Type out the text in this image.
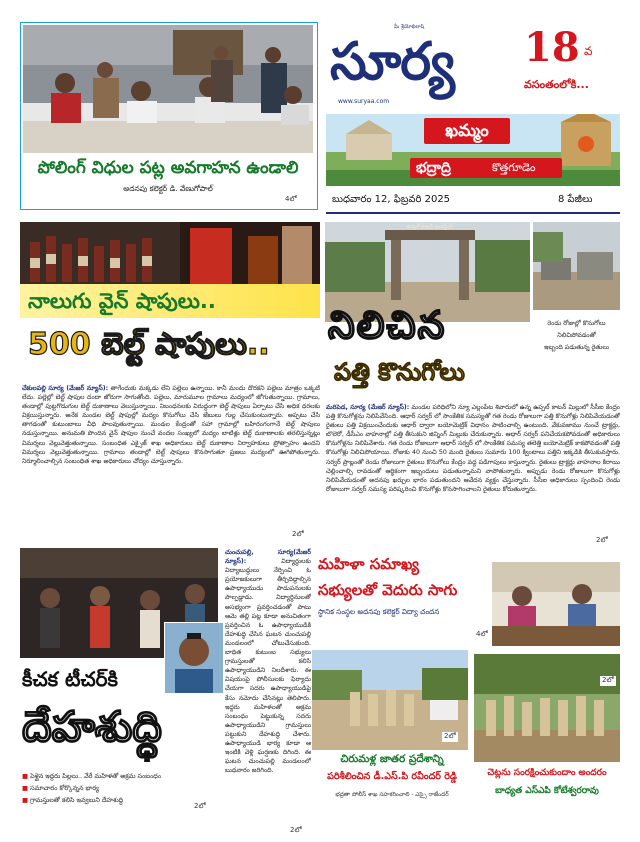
పోలింగ్ విధుల పట్ల అవగాహన ఉండాలి
అదనపు కలెక్టర్ డి. వేణుగోపాల్
4లో
మీ శ్రేయోభిలాషి
సూర్య
www.suryaa.com
18 వ
వసంతంలోకి...
ఖమ్మం
భద్రాద్రి	కొత్తగూడెం
బుధవారం 12, ఫిబ్రవరి 2025	8 పేజీలు
నాలుగు వైన్ షాపులు..
500 బెల్ట్ షాపులు..
చేకులపల్లి సూర్య (మేజర్ న్యూస్): తాగేందుకు మక్కడు లేని పల్లెలు ఉన్నాయి. కానీ మందు దొరకని పల్లెలు మాత్రం ఒక్కటి లేదు. పల్లెల్లో బెల్ట్ షాపుల దందా జోరుగా సాగుతోంది. పల్లెలు, మారుమూల గ్రామాలు మద్యంలో జోగుతున్నాయి. గ్రామాలు, తండాల్లో పుట్టగొడుగుల బెల్ట్ దుకాణాలు వెలుస్తున్నాయి. నిబంధనలకు విరుద్ధంగా బెల్ట్ షాపులు ఏర్పాటు చేసి అధిక ధరలకు విక్రయిస్తున్నారు. అనేక మండల బెల్ట్ షాపుల్లో మద్యం కొనుగోలు చేసి జేబులు గుల్ల చేసుకుంటున్నారు. అప్పటు చేసి తాగడంతో కుటుంబాలు వీధి పాలవుతున్నాయి. మండల కేంద్రంతో సహా గ్రామాల్లో బహిరంగంగానే బెల్ట్ షాపులు నడుస్తున్నాయి. అనుమతి పొందిన వైన్ షాపుల నుంచే వందల సంఖ్యలో మద్యం బాటిళ్లు బెల్ట్ దుకాణాలకు తరలిస్తున్నట్లు విమర్శలు వెల్లువెత్తుతున్నాయి. సంబంధిత ఎక్సైజ్ శాఖ అధికారులు బెల్ట్ దుకాణాల నిర్వాహకులు ప్రోత్సాహం ఉందని విమర్శలు వెల్లువెత్తుతున్నాయి. గ్రామాలు తండాల్లో బెల్ట్ షాపులు కొనసాగుతూ ప్రజలు మద్యంలో ఊగిపోతున్నారు. నిర్మూలించాల్సిన సంబంధిత శాఖ అధికారులు చోద్యం చూస్తున్నారు.
2లో
ఉప్పల్ కాటన్ ఇండస్ట్రీస్
రెండు రోజుల్లో కొనుగోలు
నిలిచిపోవడంతో
ఇబ్బంది పడుతున్న రైతులు
నిలిచిన
పత్తి కొనుగోలు
మరిపెడ, సూర్య (మేజర్ న్యూస్): మండల పరిధిలోని న్యూ ఎల్లంపేట శివారులో ఉన్న ఉప్పల్ కాటన్ మిల్లులో సీసీఐ కేంద్రం పత్తి కొనుగోళ్లను నిలిపివేసింది. ఆధార్ సర్వర్ లో సాంకేతిక సమస్యతో గత రెండు రోజులుగా పత్తి కొనుగోళ్లు నిలిపివేయడంతో రైతులు పత్తి విక్రయించేందుకు ఆధార్ ద్వారా బయోమెట్రిక్ విధానం పాటించాల్సి ఉంటుంది. వేకువజాము నుంచే ట్రాక్టర్లు, బొలెరో, డీసీఎం వాహనాల్లో పత్తి తీసుకుని జిన్నింగ్ మిల్లుకు చేరుకున్నారు. ఆధార్ సర్వర్ పనిచేయకపోవడంతో అధికారులు కొనుగోళ్లను నిలిపివేశారు. గత రెండు రోజులుగా ఆధార్ సర్వర్ లో సాంకేతిక సమస్య తలెత్తి బయోమెట్రిక్ కాకపోవడంతో పత్తి కొనుగోళ్లు నిలిచిపోయాయి. రోజుకు 40 నుంచి 50 మంది రైతులు సుమారు 100 క్వింటాలు పత్తిని ఇక్కడికి తీసుకువస్తారు. సర్వర్ ప్రాబ్లంతో రెండు రోజులుగా రైతులు కొనుగోలు కేంద్రం వద్ద పడిగాపులు కాస్తున్నారు. రైతులు ట్రాక్టర్లు వాహనాల కిరాయి చెల్లించాల్సి రావడంతో ఆర్థికంగా ఇబ్బందులు పడుతున్నామని వాపోతున్నారు. అప్పుడు రెండు రోజులుగా కొనుగోళ్లు నిలిపివేయడంతో అదనపు ఖర్చుల భారం పడుతుందని ఆవేదన వ్యక్తం చేస్తున్నారు. సీసీఐ అధికారులు స్పందించి రెండు రోజులుగా సర్వర్ సమస్య పరిష్కరించి కొనుగోళ్లు కొనసాగించాలని రైతులు కోరుతున్నారు.
2లో
కీచక టీచర్‌కి
దేహశుద్ధి
■ పెళ్లైన ఇద్దరు పిల్లలు.. వేరే మహిళతో అక్రమ సంబంధం
■ సమాచారం కోర్కొన్నన భార్య
■ గ్రామస్తులతో కలిసి ఇవ్వబుని దేహశుద్ధి
2లో
చుంచుపల్లి, సూర్య(మేజర్ న్యూస్):	విద్యార్థులకు విద్యాబుద్ధులు నేర్పించి ఓ ప్రయోజకులుగా తీర్చిదిద్దాల్సిన ఉపాధ్యాయుడు పాడుపనులకు పాల్పడ్డాడు. విద్యార్థినులతో అసభ్యంగా ప్రవర్తించడంతో పాటు ఆమె తల్లి పట్ల కూడా అనుచితంగా ప్రవర్తించిన ఓ ఉపాధ్యాయుడికి దేహశుద్ధి చేసిన ఘటన చుంచుపల్లి మండలంలో చోటుచేసుకుంది. బాధిత కుటుంబ సభ్యులు గ్రామస్తులతో కలిసి ఉపాధ్యాయుడిని నిలదీశారు. ఈ విషయంపై పోలీసులకు ఫిర్యాదు చేయగా సదరు ఉపాధ్యాయుడిపై కేసు నమోదు చేసినట్లు తెలిపారు. ఇద్దరు మహిళలతో అక్రమ సంబంధం పెట్టుకున్న సదరు ఉపాధ్యాయుడిని గ్రామస్తులు పట్టుకుని దేహశుద్ధి చేశారు. ఉపాధ్యాయుడి భార్య కూడా ఆ ఇంటికి వెళ్లి ఘర్షణకు దిగింది. ఈ ఘటన చుంచుపల్లి మండలంలో బుధవారం జరిగింది.
2లో
మహిళా సమాఖ్య
సభ్యులతో వెదురు సాగు
స్థానిక సంస్థల అదనపు కలెక్టర్ విద్యా చందన
4లో
2లో
చిరుమళ్ల జాతర ప్రదేశాన్ని
పరిశీలించిన డీ.ఎస్.పి రవీందర్ రెడ్డి
భద్రతా పోలీస్ శాఖ సహకరించాలి - ఎస్సై రాజేందర్
2లో
చెట్లను సంరక్షించుకుందాం అందరం
బాధ్యత ఎస్ఎపి కోటేశ్వరరావు
